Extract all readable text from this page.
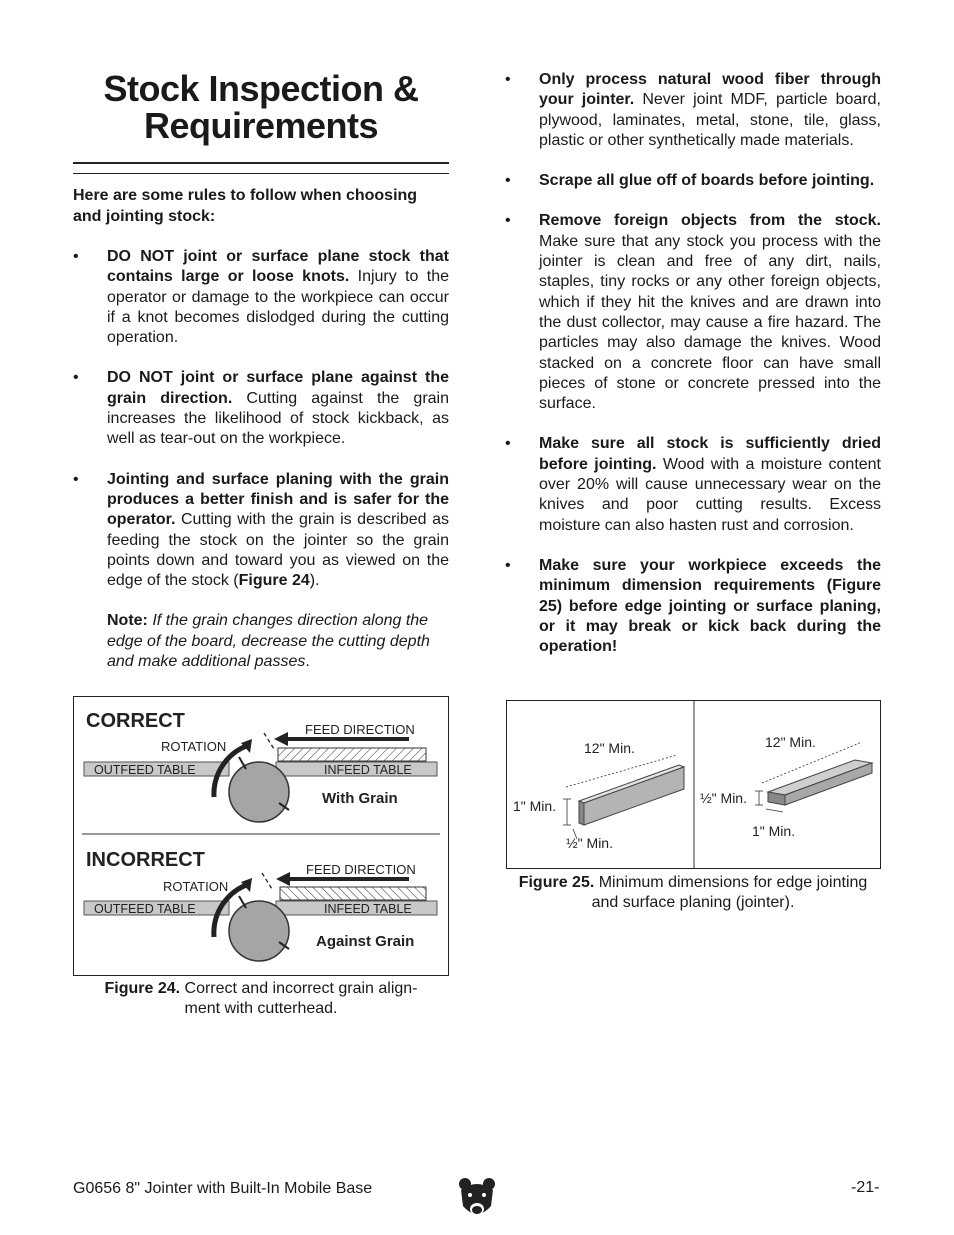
Stock Inspection &
Requirements
Here are some rules to follow when choosing and jointing stock:
• DO NOT joint or surface plane stock that contains large or loose knots. Injury to the operator or damage to the workpiece can occur if a knot becomes dislodged during the cutting operation.
• DO NOT joint or surface plane against the grain direction. Cutting against the grain increases the likelihood of stock kickback, as well as tear-out on the workpiece.
• Jointing and surface planing with the grain produces a better finish and is safer for the operator. Cutting with the grain is described as feeding the stock on the jointer so the grain points down and toward you as viewed on the edge of the stock (Figure 24).

Note: If the grain changes direction along the edge of the board, decrease the cutting depth and make additional passes.

CORRECT	FEED DIRECTION
ROTATION
OUTFEED TABLE	INFEED TABLE
With Grain
INCORRECT	FEED DIRECTION
ROTATION
OUTFEED TABLE	INFEED TABLE
Against Grain
Figure 24. Correct and incorrect grain align-
ment with cutterhead.
• Only process natural wood fiber through your jointer. Never joint MDF, particle board, plywood, laminates, metal, stone, tile, glass, plastic or other synthetically made materials.
• Scrape all glue off of boards before jointing.
• Remove foreign objects from the stock. Make sure that any stock you process with the jointer is clean and free of any dirt, nails, staples, tiny rocks or any other foreign objects, which if they hit the knives and are drawn into the dust collector, may cause a fire hazard. The particles may also damage the knives. Wood stacked on a concrete floor can have small pieces of stone or concrete pressed into the surface.
• Make sure all stock is sufficiently dried before jointing. Wood with a moisture content over 20% will cause unnecessary wear on the knives and poor cutting results. Excess moisture can also hasten rust and corrosion.
• Make sure your workpiece exceeds the minimum dimension requirements (Figure 25) before edge jointing or surface planing, or it may break or kick back during the operation!
12" Min.
1" Min.
½" Min.
12" Min.
½" Min.
1" Min.
Figure 25. Minimum dimensions for edge jointing
and surface planing (jointer).
G0656 8" Jointer with Built-In Mobile Base	-21-
